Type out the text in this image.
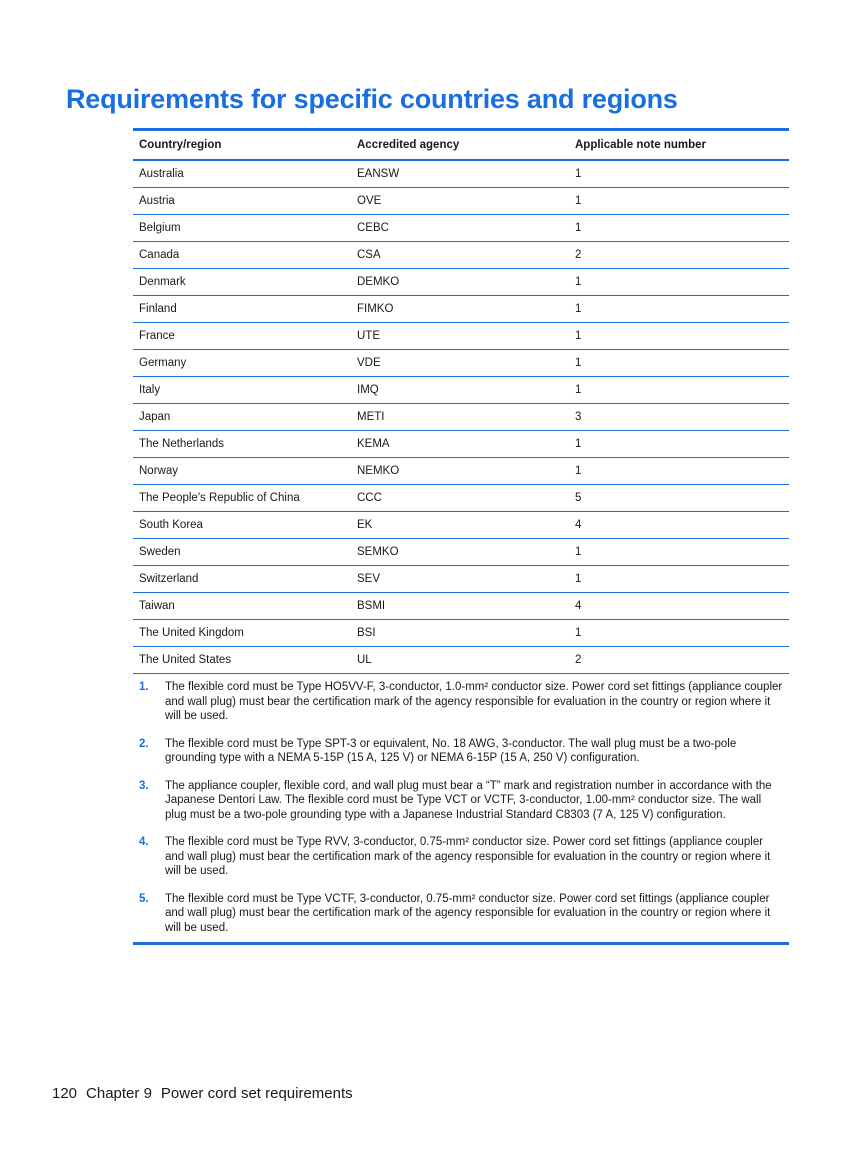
Requirements for specific countries and regions
Country/region	Accredited agency	Applicable note number
Australia	EANSW	1
Austria	OVE	1
Belgium	CEBC	1
Canada	CSA	2
Denmark	DEMKO	1
Finland	FIMKO	1
France	UTE	1
Germany	VDE	1
Italy	IMQ	1
Japan	METI	3
The Netherlands	KEMA	1
Norway	NEMKO	1
The People's Republic of China	CCC	5
South Korea	EK	4
Sweden	SEMKO	1
Switzerland	SEV	1
Taiwan	BSMI	4
The United Kingdom	BSI	1
The United States	UL	2
1. The flexible cord must be Type HO5VV-F, 3-conductor, 1.0-mm² conductor size. Power cord set fittings (appliance coupler and wall plug) must bear the certification mark of the agency responsible for evaluation in the country or region where it will be used.
2. The flexible cord must be Type SPT-3 or equivalent, No. 18 AWG, 3-conductor. The wall plug must be a two-pole grounding type with a NEMA 5-15P (15 A, 125 V) or NEMA 6-15P (15 A, 250 V) configuration.
3. The appliance coupler, flexible cord, and wall plug must bear a “T” mark and registration number in accordance with the Japanese Dentori Law. The flexible cord must be Type VCT or VCTF, 3-conductor, 1.00-mm² conductor size. The wall plug must be a two-pole grounding type with a Japanese Industrial Standard C8303 (7 A, 125 V) configuration.
4. The flexible cord must be Type RVV, 3-conductor, 0.75-mm² conductor size. Power cord set fittings (appliance coupler and wall plug) must bear the certification mark of the agency responsible for evaluation in the country or region where it will be used.
5. The flexible cord must be Type VCTF, 3-conductor, 0.75-mm² conductor size. Power cord set fittings (appliance coupler and wall plug) must bear the certification mark of the agency responsible for evaluation in the country or region where it will be used.
120 Chapter 9 Power cord set requirements
